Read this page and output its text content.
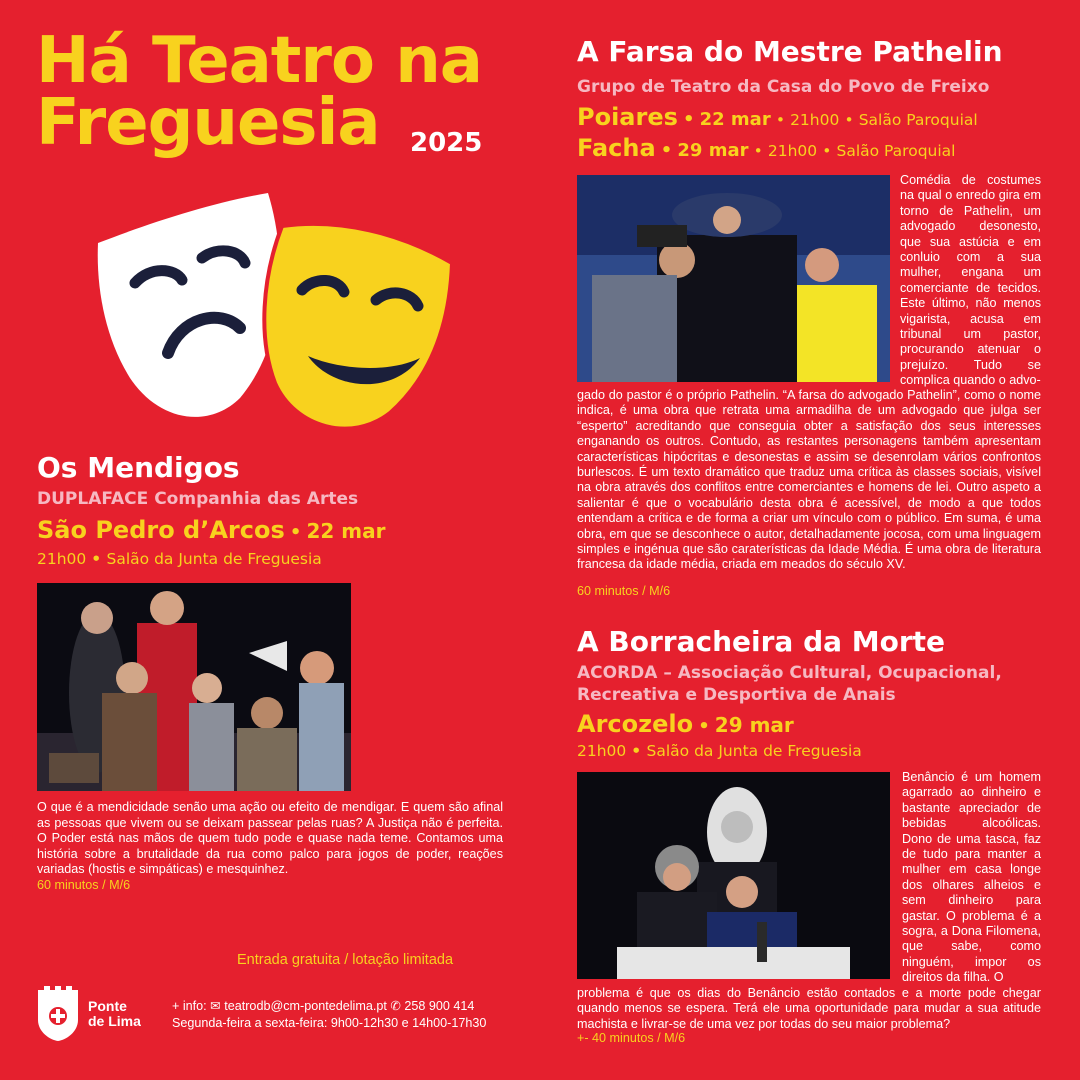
Há Teatro na
Freguesia	2025
Os Mendigos
DUPLAFACE Companhia das Artes
São Pedro d’Arcos • 22 mar
21h00 • Salão da Junta de Freguesia

O que é a mendicidade senão uma ação ou efeito de mendigar. E quem são afinal as pessoas que vivem ou se deixam passear pelas ruas? A Justiça não é perfeita. O Poder está nas mãos de quem tudo pode e quase nada teme. Contamos uma história sobre a brutalidade da rua como palco para jogos de poder, reações variadas (hostis e simpáticas) e mesquinhez.

60 minutos / M/6
Entrada gratuita / lotação limitada
Ponte
de Lima
+ info: ✉ teatrodb@cm-pontedelima.pt ✆ 258 900 414
Segunda-feira a sexta-feira: 9h00-12h30 e 14h00-17h30
A Farsa do Mestre Pathelin
Grupo de Teatro da Casa do Povo de Freixo
Poiares • 22 mar • 21h00 • Salão Paroquial
Facha • 29 mar • 21h00 • Salão Paroquial

Comédia de costumes na qual o enredo gira em torno de Pathelin, um advogado desonesto, que sua astúcia e em conluio com a sua mulher, engana um comerciante de tecidos. Este último, não menos vigarista, acusa em tribunal um pastor, procurando atenuar o prejuízo. Tudo se complica quando o advo-

gado do pastor é o próprio Pathelin. “A farsa do advogado Pathelin”, como o nome indica, é uma obra que retrata uma armadilha de um advogado que julga ser “esperto” acreditando que conseguia obter a satisfação dos seus interesses enganando os outros. Contudo, as restantes personagens também apresentam características hipócritas e desonestas e assim se desenrolam vários confrontos burlescos. É um texto dramático que traduz uma crítica às classes sociais, visível na obra através dos conflitos entre comerciantes e homens de lei. Outro aspeto a salientar é que o vocabulário desta obra é acessível, de modo a que todos entendam a crítica e de forma a criar um vínculo com o público. Em suma, é uma obra, em que se desconhece o autor, detalhadamente jocosa, com uma linguagem simples e ingénua que são caraterísticas da Idade Média. É uma obra de literatura francesa da idade média, criada em meados do século XV.

60 minutos / M/6
A Borracheira da Morte
ACORDA – Associação Cultural, Ocupacional,
Recreativa e Desportiva de Anais
Arcozelo • 29 mar
21h00 • Salão da Junta de Freguesia

Benâncio é um homem agarrado ao dinheiro e bastante apreciador de bebidas alcoólicas. Dono de uma tasca, faz de tudo para manter a mulher em casa longe dos olhares alheios e sem dinheiro para gastar. O problema é a sogra, a Dona Filomena, que sabe, como ninguém, impor os direitos da filha. O

problema é que os dias do Benâncio estão contados e a morte pode chegar quando menos se espera. Terá ele uma oportunidade para mudar a sua atitude machista e livrar-se de uma vez por todas do seu maior problema?

+- 40 minutos / M/6
